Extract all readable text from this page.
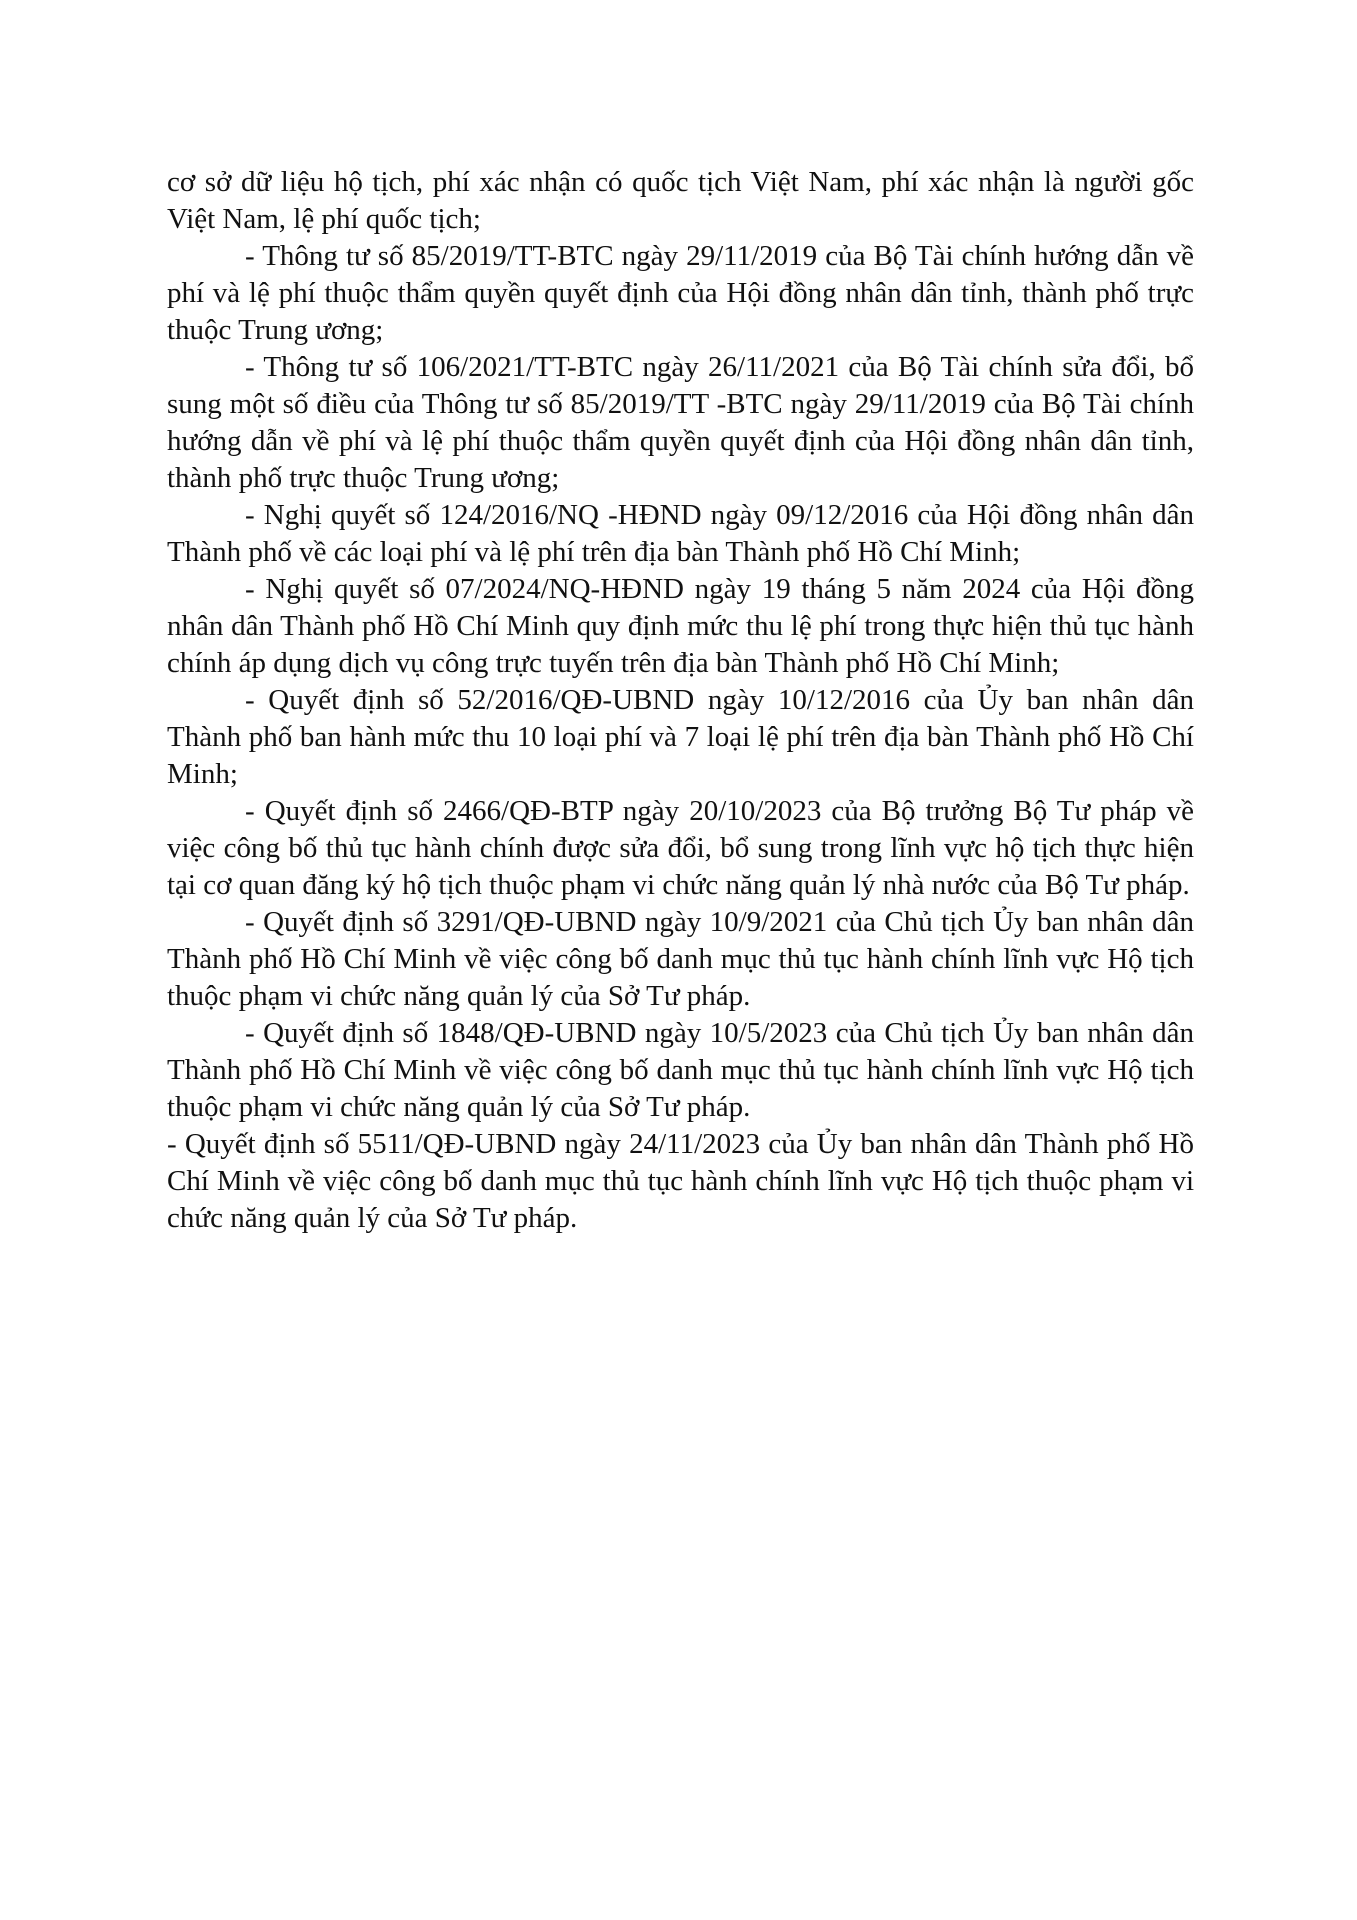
cơ sở dữ liệu hộ tịch, phí xác nhận có quốc tịch Việt Nam, phí xác nhận là người gốc Việt Nam, lệ phí quốc tịch;

- Thông tư số 85/2019/TT-BTC ngày 29/11/2019 của Bộ Tài chính hướng dẫn về phí và lệ phí thuộc thẩm quyền quyết định của Hội đồng nhân dân tỉnh, thành phố trực thuộc Trung ương;

- Thông tư số 106/2021/TT-BTC ngày 26/11/2021 của Bộ Tài chính sửa đổi, bổ sung một số điều của Thông tư số 85/2019/TT -BTC ngày 29/11/2019 của Bộ Tài chính hướng dẫn về phí và lệ phí thuộc thẩm quyền quyết định của Hội đồng nhân dân tỉnh, thành phố trực thuộc Trung ương;

- Nghị quyết số 124/2016/NQ -HĐND ngày 09/12/2016 của Hội đồng nhân dân Thành phố về các loại phí và lệ phí trên địa bàn Thành phố Hồ Chí Minh;

- Nghị quyết số 07/2024/NQ-HĐND ngày 19 tháng 5 năm 2024 của Hội đồng nhân dân Thành phố Hồ Chí Minh quy định mức thu lệ phí trong thực hiện thủ tục hành chính áp dụng dịch vụ công trực tuyến trên địa bàn Thành phố Hồ Chí Minh;

- Quyết định số 52/2016/QĐ-UBND ngày 10/12/2016 của Ủy ban nhân dân Thành phố ban hành mức thu 10 loại phí và 7 loại lệ phí trên địa bàn Thành phố Hồ Chí Minh;

- Quyết định số 2466/QĐ-BTP ngày 20/10/2023 của Bộ trưởng Bộ Tư pháp về việc công bố thủ tục hành chính được sửa đổi, bổ sung trong lĩnh vực hộ tịch thực hiện tại cơ quan đăng ký hộ tịch thuộc phạm vi chức năng quản lý nhà nước của Bộ Tư pháp.

- Quyết định số 3291/QĐ-UBND ngày 10/9/2021 của Chủ tịch Ủy ban nhân dân Thành phố Hồ Chí Minh về việc công bố danh mục thủ tục hành chính lĩnh vực Hộ tịch thuộc phạm vi chức năng quản lý của Sở Tư pháp.

- Quyết định số 1848/QĐ-UBND ngày 10/5/2023 của Chủ tịch Ủy ban nhân dân Thành phố Hồ Chí Minh về việc công bố danh mục thủ tục hành chính lĩnh vực Hộ tịch thuộc phạm vi chức năng quản lý của Sở Tư pháp.

- Quyết định số 5511/QĐ-UBND ngày 24/11/2023 của Ủy ban nhân dân Thành phố Hồ Chí Minh về việc công bố danh mục thủ tục hành chính lĩnh vực Hộ tịch thuộc phạm vi chức năng quản lý của Sở Tư pháp.
